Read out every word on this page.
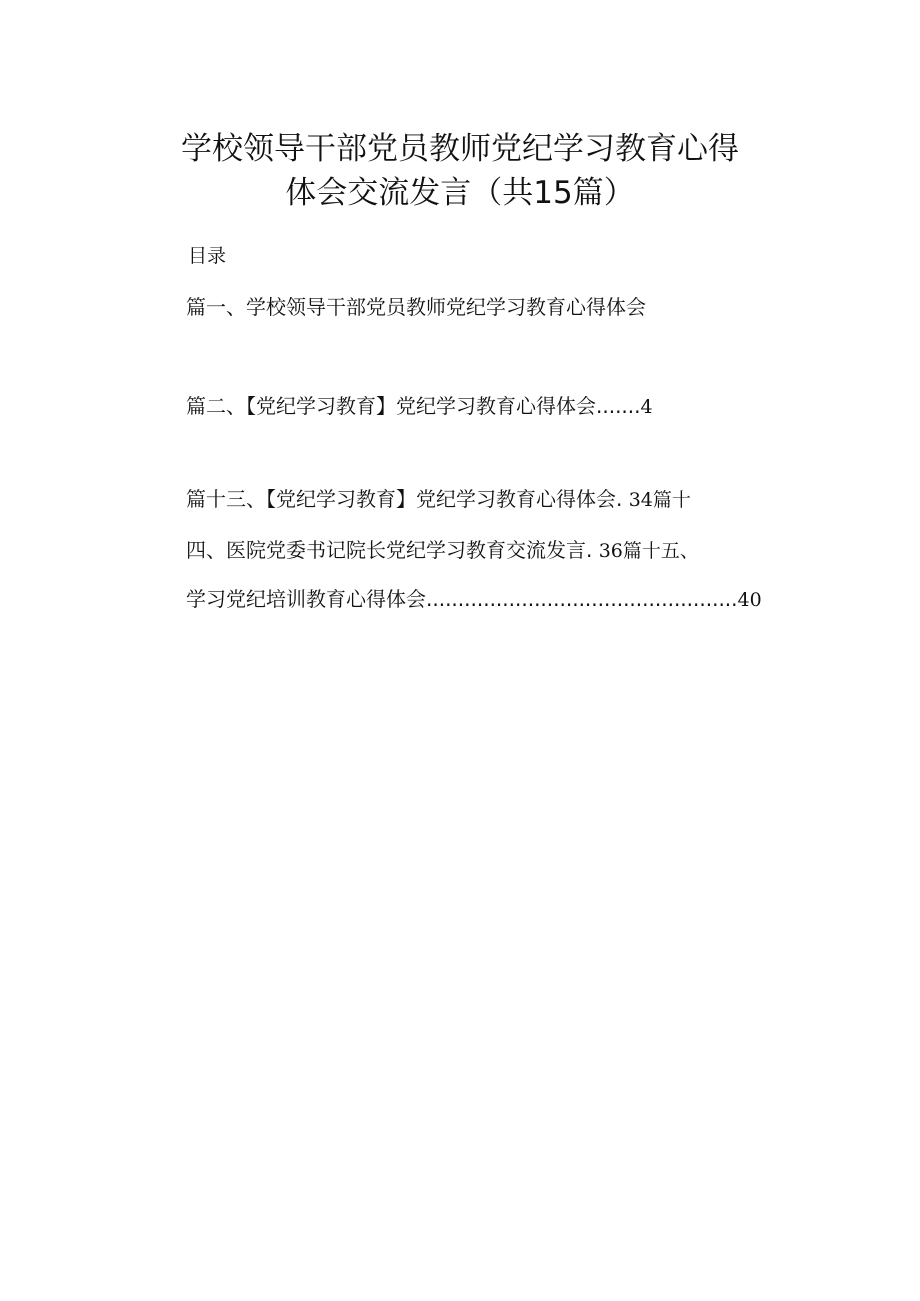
学校领导干部党员教师党纪学习教育心得
体会交流发言（共15篇）
目录
篇一、学校领导干部党员教师党纪学习教育心得体会
篇二、【党纪学习教育】党纪学习教育心得体会.......4
篇十三、【党纪学习教育】党纪学习教育心得体会. 34篇十
四、医院党委书记院长党纪学习教育交流发言. 36篇十五、
学习党纪培训教育心得体会.................................................40
